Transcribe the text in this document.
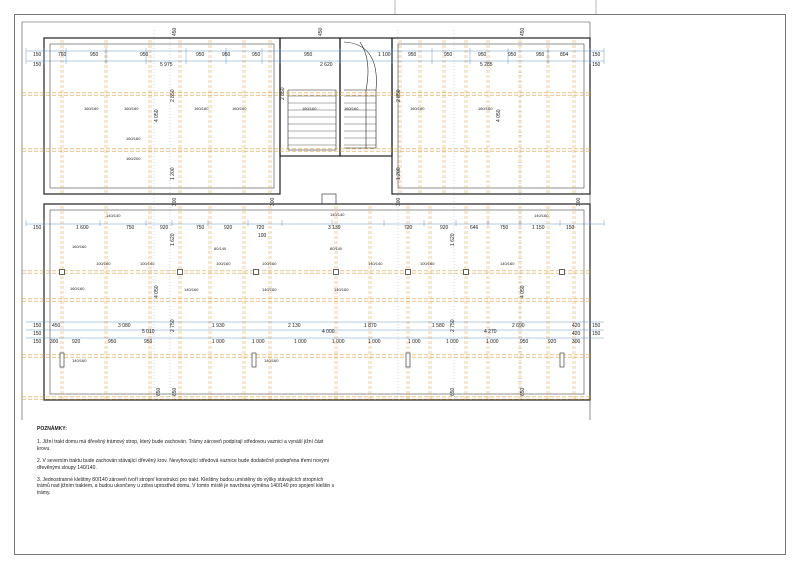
150
150
760	950	950	950	950	950
5 975
950
2 620
1 100	950	950	950	950	804
950
5 285
150
150
450	450	450
2 850
1 200
4 050
2 850
1 200
4 050
2 850
300	300	300	300
150	1 600	750	920	750	920	720
100
3 139	720	920	646	750	1 150	150
1 620
4 050
2 750
1 620
4 050
2 750
150
150
150
450	3 080
5 010
1 930	2 130
4 000
1 870	1 580
4 270
2 690	420
420
150
150
300	920	950	950	1 000	1 000	1 000	1 000	1 000	1 000	1 000	1 000	950	920	300
650 650	650	650
160/160	160/160	160/160	160/160	160/160	160/160	160/160	160/160
160/160
160/200
140/140	140/140	140/160
160/160
100/160	100/140	100/160	100/160	140/140	100/160	140/160
160/160	140/160	140/160
80/140	80/140
140/160
140/160	140/160
POZNÁMKY:

1. Jižní trakt domu má dřevěný trámový strop, který bude zachován. Trámy zároveň podpírají středovou vaznici a vynáší jižní část krovu.

2. V severním traktu bude zachován stávající dřevěný krov. Nevyhovující středová vaznice bude dodatečně podepřena třemi novými dřevěnými sloupy 140/140.

3. Jednostranné kleštiny 80/140 zároveň tvoří stropní konstrukci pro trakt. Kleštiny budou umístěny do výšky stávajících stropních trámů nad jižním traktem, a budou ukončeny u zdiva uprostřed domu. V tomto místě je navržena výměna 140/140 pro spojení kleštin s trámy.
